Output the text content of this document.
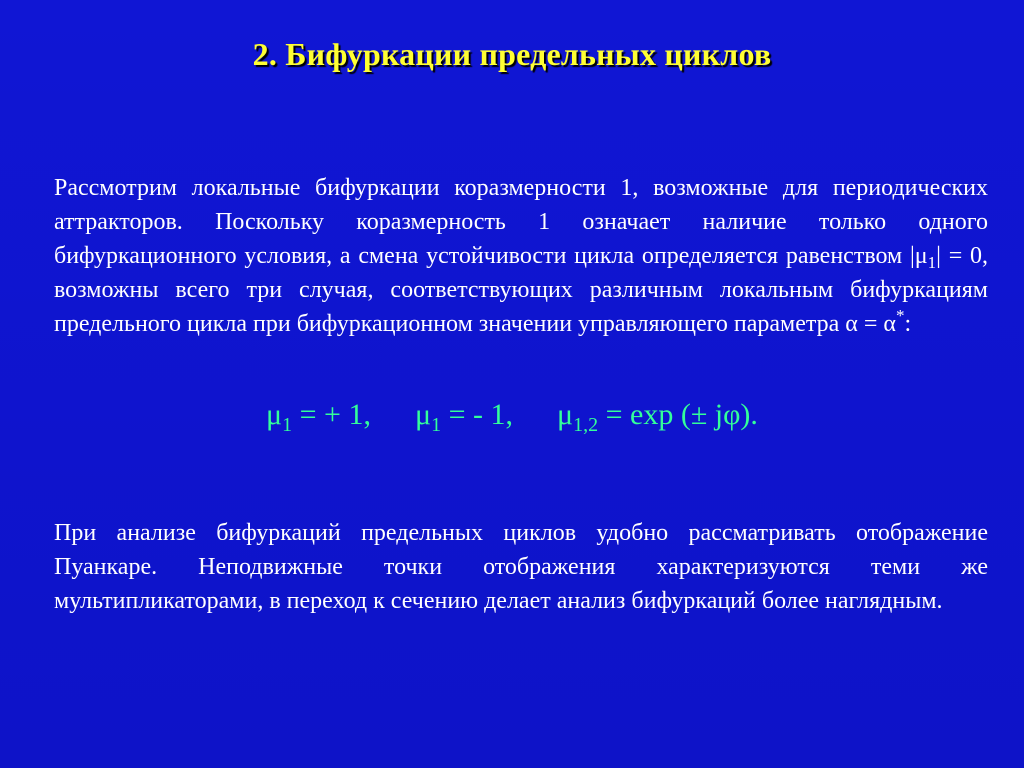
2. Бифуркации предельных циклов
Рассмотрим локальные бифуркации коразмерности 1, возможные для периодических аттракторов. Поскольку коразмерность 1 означает наличие только одного бифуркационного условия, а смена устойчивости цикла определяется равенством $|\mu_1| = 0$, возможны всего три случая, соответствующих различным локальным бифуркациям предельного цикла при бифуркационном значении управляющего параметра α = α*:
$\mu_1$ = + 1, $\mu_1$ = - 1, $\mu_{1,2} = \exp$ (± jφ).
При анализе бифуркаций предельных циклов удобно рассматривать отображение Пуанкаре. Неподвижные точки отображения характеризуются теми же мультипликаторами, в переход к сечению делает анализ бифуркаций более наглядным.
